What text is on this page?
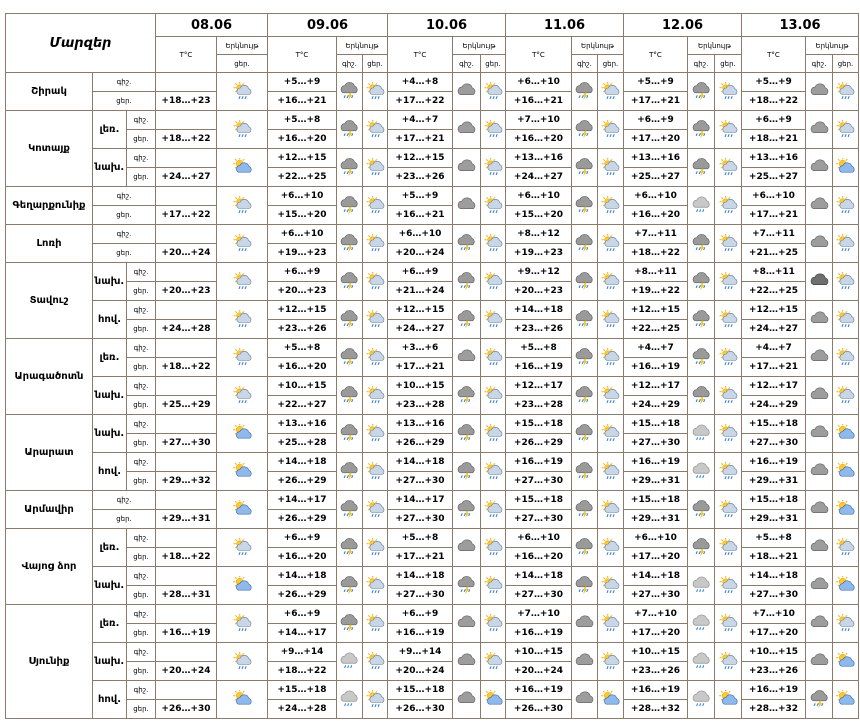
Մարզեր			08.06		09.06			10.06			11.06			12.06			13.06		
			T°C	Երկնույթ	T°C	Երկնույթ		T°C	Երկնույթ		T°C	Երկնույթ		T°C	Երկնույթ		T°C	Երկնույթ	
				ցեր.		գիշ.	ցեր.		գիշ.	ցեր.		գիշ.	ցեր.		գիշ.	ցեր.		գիշ.	ցեր.
Շիրակ	գիշ.				+5…+9			+4…+8			+6…+10			+5…+9			+5…+9		
	ցեր.		+18…+23		+16…+21			+17…+22			+16…+21			+17…+21			+18…+22		
Կոտայք	լեռ.	գիշ.			+5…+8			+4…+7			+7…+10			+6…+9			+6…+9		
		ցեր.	+18…+22		+16…+20			+17…+21			+16…+20			+17…+20			+18…+21		
	նախ.	գիշ.			+12…+15			+12…+15			+13…+16			+13…+16			+13…+16		
		ցեր.	+24…+27		+22…+25			+23…+26			+24…+27			+25…+27			+25…+27		
Գեղարքունիք	գիշ.				+6…+10			+5…+9			+6…+10			+6…+10			+6…+10		
	ցեր.		+17…+22		+15…+20			+16…+21			+15…+20			+16…+20			+17…+21		
Լոռի	գիշ.				+6…+10			+6…+10			+8…+12			+7…+11			+7…+11		
	ցեր.		+20…+24		+19…+23			+20…+24			+19…+23			+18…+22			+21…+25		
Տավուշ	նախ.	գիշ.			+6…+9			+6…+9			+9…+12			+8…+11			+8…+11		
		ցեր.	+20…+23		+20…+23			+21…+24			+20…+23			+19…+22			+22…+25		
	հով.	գիշ.			+12…+15			+12…+15			+14…+18			+12…+15			+12…+15		
		ցեր.	+24…+28		+23…+26			+24…+27			+23…+26			+22…+25			+24…+27		
Արագածոտն	լեռ.	գիշ.			+5…+8			+3…+6			+5…+8			+4…+7			+4…+7		
		ցեր.	+18…+22		+16…+20			+17…+21			+16…+19			+16…+19			+17…+21		
	նախ.	գիշ.			+10…+15			+10…+15			+12…+17			+12…+17			+12…+17		
		ցեր.	+25…+29		+22…+27			+23…+28			+23…+28			+24…+29			+24…+29		
Արարատ	նախ.	գիշ.			+13…+16			+13…+16			+15…+18			+15…+18			+15…+18		
		ցեր.	+27…+30		+25…+28			+26…+29			+26…+29			+27…+30			+27…+30		
	հով.	գիշ.			+14…+18			+14…+18			+16…+19			+16…+19			+16…+19		
		ցեր.	+29…+32		+26…+29			+27…+30			+27…+30			+29…+31			+29…+31		
Արմավիր	գիշ.				+14…+17			+14…+17			+15…+18			+15…+18			+15…+18		
	ցեր.		+29…+31		+26…+29			+27…+30			+27…+30			+29…+31			+29…+31		
Վայոց ձոր	լեռ.	գիշ.			+6…+9			+5…+8			+6…+10			+6…+10			+5…+8		
		ցեր.	+18…+22		+16…+20			+17…+21			+16…+20			+17…+20			+18…+21		
	նախ.	գիշ.			+14…+18			+14…+18			+14…+18			+14…+18			+14…+18		
		ցեր.	+28…+31		+26…+29			+27…+30			+27…+30			+27…+30			+27…+30		
Սյունիք	լեռ.	գիշ.			+6…+9			+6…+9			+7…+10			+7…+10			+7…+10		
		ցեր.	+16…+19		+14…+17			+16…+19			+16…+19			+17…+20			+17…+20		
	նախ.	գիշ.			+9…+14			+9…+14			+10…+15			+10…+15			+10…+15		
		ցեր.	+20…+24		+18…+22			+20…+24			+20…+24			+23…+26			+23…+26		
	հով.	գիշ.			+15…+18			+15…+18			+16…+19			+16…+19			+16…+19		
		ցեր.	+26…+30		+24…+28			+26…+30			+26…+30			+28…+32			+28…+32		
